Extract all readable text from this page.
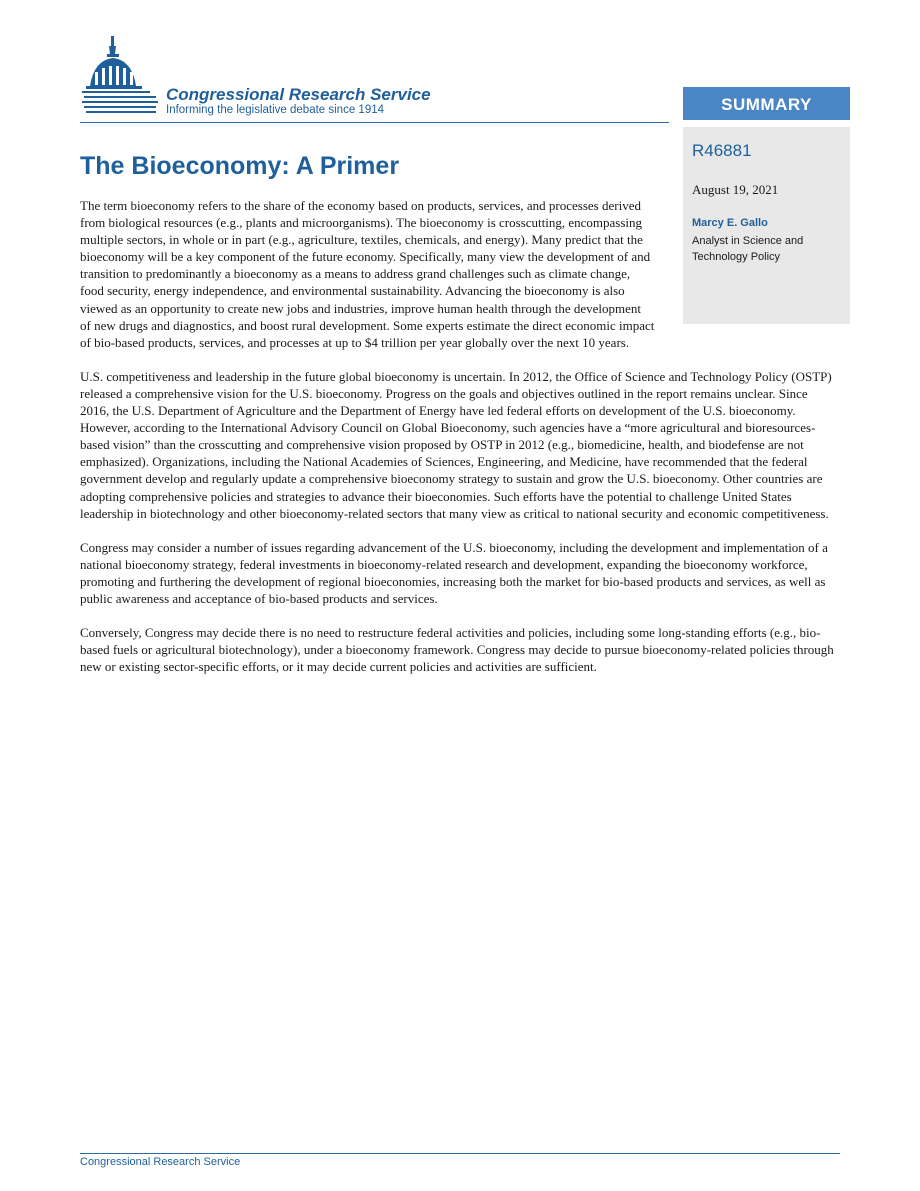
Congressional Research Service
Informing the legislative debate since 1914	SUMMARY
R46881
August 19, 2021
Marcy E. Gallo
Analyst in Science and Technology Policy
The Bioeconomy: A Primer

The term bioeconomy refers to the share of the economy based on products, services, and processes derived from biological resources (e.g., plants and microorganisms). The bioeconomy is crosscutting, encompassing multiple sectors, in whole or in part (e.g., agriculture, textiles, chemicals, and energy). Many predict that the bioeconomy will be a key component of the future economy. Specifically, many view the development of and transition to predominantly a bioeconomy as a means to address grand challenges such as climate change, food security, energy independence, and environmental sustainability. Advancing the bioeconomy is also viewed as an opportunity to create new jobs and industries, improve human health through the development of new drugs and diagnostics, and boost rural development. Some experts estimate the direct economic impact of bio-based products, services, and processes at up to $4 trillion per year globally over the next 10 years.

U.S. competitiveness and leadership in the future global bioeconomy is uncertain. In 2012, the Office of Science and Technology Policy (OSTP) released a comprehensive vision for the U.S. bioeconomy. Progress on the goals and objectives outlined in the report remains unclear. Since 2016, the U.S. Department of Agriculture and the Department of Energy have led federal efforts on development of the U.S. bioeconomy. However, according to the International Advisory Council on Global Bioeconomy, such agencies have a “more agricultural and bioresources-based vision” than the crosscutting and comprehensive vision proposed by OSTP in 2012 (e.g., biomedicine, health, and biodefense are not emphasized). Organizations, including the National Academies of Sciences, Engineering, and Medicine, have recommended that the federal government develop and regularly update a comprehensive bioeconomy strategy to sustain and grow the U.S. bioeconomy. Other countries are adopting comprehensive policies and strategies to advance their bioeconomies. Such efforts have the potential to challenge United States leadership in biotechnology and other bioeconomy-related sectors that many view as critical to national security and economic competitiveness.

Congress may consider a number of issues regarding advancement of the U.S. bioeconomy, including the development and implementation of a national bioeconomy strategy, federal investments in bioeconomy-related research and development, expanding the bioeconomy workforce, promoting and furthering the development of regional bioeconomies, increasing both the market for bio-based products and services, as well as public awareness and acceptance of bio-based products and services.

Conversely, Congress may decide there is no need to restructure federal activities and policies, including some long-standing efforts (e.g., bio-based fuels or agricultural biotechnology), under a bioeconomy framework. Congress may decide to pursue bioeconomy-related policies through new or existing sector-specific efforts, or it may decide current policies and activities are sufficient.

Congressional Research Service
